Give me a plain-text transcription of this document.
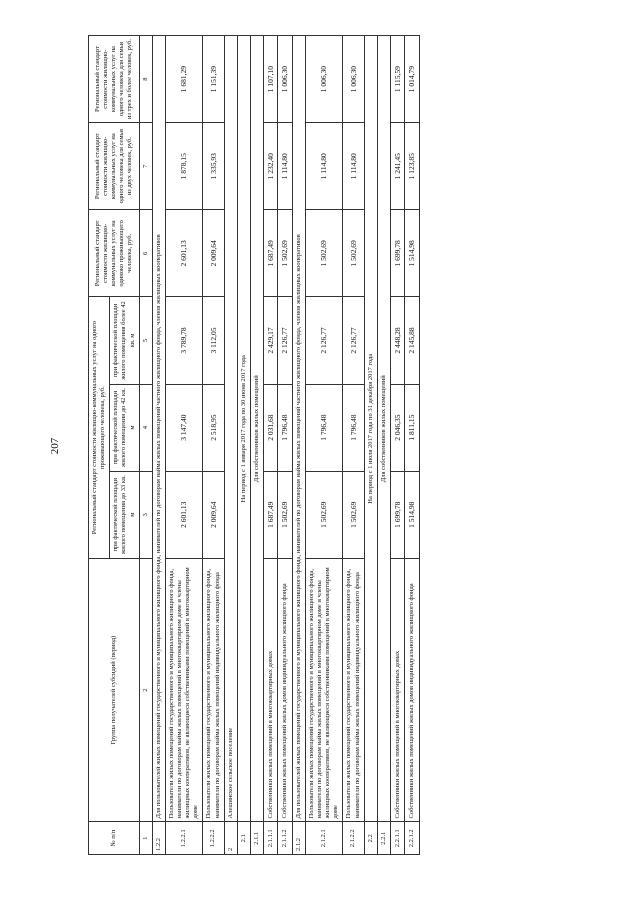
207
№ п/п	Группа получателей субсидий (период)	Региональный стандарт стоимости жилищно-коммунальных услуг на одного проживающего человека, руб.			Региональный стандарт стоимости жилищно-коммунальных услуг на одиноко проживающего человека, руб.	Региональный стандарт стоимости жилищно-коммунальных услуг на одного человека для семьи из двух человек, руб.	Региональный стандарт стоимости жилищно-коммунальных услуг на одного человека для семьи из трех и более человек, руб.
		при фактической площади жилого помещения до 33 кв. м	при фактической площади жилого помещения до 42 кв. м	при фактической площади жилого помещения более 42 кв. м			
1	2	3	4	5	6	7	8
1.2.2	Для пользователей жилых помещений государственного и муниципального жилищного фонда, нанимателей по договорам найма жилых помещений частного жилищного фонда, членов жилищных кооперативов						
1.2.2.1	Пользователи жилых помещений государственного и муниципального жилищного фонда, наниматели по договорам найма жилых помещений в многоквартирном доме и члены жилищных кооперативов, не являющиеся собственниками помещений в многоквартирном доме	2 601,13	3 147,40	3 789,78	2 601,13	1 878,15	1 681,29
1.2.2.2	Пользователи жилых помещений государственного и муниципального жилищного фонда, наниматели по договорам найма жилых помещений индивидуального жилищного фонда	2 009,64	2 518,95	3 112,05	2 009,64	1 335,93	1 151,39
2	Алешинское сельское поселение						
2.1	На период с 1 января 2017 года по 30 июня 2017 года						
2.1.1	Для собственников жилых помещений						
2.1.1.1	Собственники жилых помещений в многоквартирных домах	1 687,49	2 031,68	2 429,17	1 687,49	1 232,40	1 107,10
2.1.1.2	Собственники жилых помещений жилых домов индивидуального жилищного фонда	1 502,69	1 796,48	2 126,77	1 502,69	1 114,80	1 006,30
2.1.2	Для пользователей жилых помещений государственного и муниципального жилищного фонда, нанимателей по договорам найма жилых помещений частного жилищного фонда, членов жилищных кооперативов						
2.1.2.1	Пользователи жилых помещений государственного и муниципального жилищного фонда, наниматели по договорам найма жилых помещений в многоквартирном доме и члены жилищных кооперативов, не являющиеся собственниками помещений в многоквартирном доме	1 502,69	1 796,48	2 126,77	1 502,69	1 114,80	1 006,30
2.1.2.2	Пользователи жилых помещений государственного и муниципального жилищного фонда, наниматели по договорам найма жилых помещений индивидуального жилищного фонда	1 502,69	1 796,48	2 126,77	1 502,69	1 114,80	1 006,30
2.2	На период с 1 июля 2017 года по 31 декабря 2017 года						
2.2.1	Для собственников жилых помещений						
2.2.1.1	Собственники жилых помещений в многоквартирных домах	1 699,78	2 046,35	2 448,28	1 699,78	1 241,45	1 115,59
2.2.1.2	Собственники жилых помещений жилых домов индивидуального жилищного фонда	1 514,98	1 811,15	2 145,88	1 514,98	1 123,85	1 014,79
